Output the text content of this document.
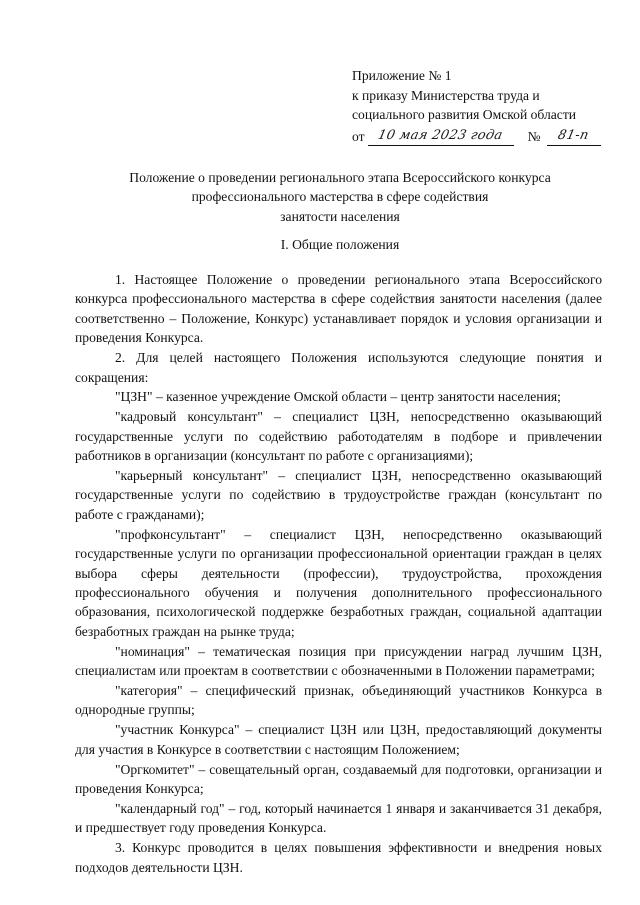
Приложение № 1
к приказу Министерства труда и
социального развития Омской области
от 10 мая 2023 года	№	81-п
Положение о проведении регионального этапа Всероссийского конкурса
профессионального мастерства в сфере содействия
занятости населения
I. Общие положения

1. Настоящее Положение о проведении регионального этапа Всероссийского конкурса профессионального мастерства в сфере содействия занятости населения (далее соответственно – Положение, Конкурс) устанавливает порядок и условия организации и проведения Конкурса.

2. Для целей настоящего Положения используются следующие понятия и сокращения:

"ЦЗН" – казенное учреждение Омской области – центр занятости населения;

"кадровый консультант" – специалист ЦЗН, непосредственно оказывающий государственные услуги по содействию работодателям в подборе и привлечении работников в организации (консультант по работе с организациями);

"карьерный консультант" – специалист ЦЗН, непосредственно оказывающий государственные услуги по содействию в трудоустройстве граждан (консультант по работе с гражданами);

"профконсультант" – специалист ЦЗН, непосредственно оказывающий государственные услуги по организации профессиональной ориентации граждан в целях выбора сферы деятельности (профессии), трудоустройства, прохождения профессионального обучения и получения дополнительного профессионального образования, психологической поддержке безработных граждан, социальной адаптации безработных граждан на рынке труда;

"номинация" – тематическая позиция при присуждении наград лучшим ЦЗН, специалистам или проектам в соответствии с обозначенными в Положении параметрами;

"категория" – специфический признак, объединяющий участников Конкурса в однородные группы;

"участник Конкурса" – специалист ЦЗН или ЦЗН, предоставляющий документы для участия в Конкурсе в соответствии с настоящим Положением;

"Оргкомитет" – совещательный орган, создаваемый для подготовки, организации и проведения Конкурса;

"календарный год" – год, который начинается 1 января и заканчивается 31 декабря, и предшествует году проведения Конкурса.

3. Конкурс проводится в целях повышения эффективности и внедрения новых подходов деятельности ЦЗН.
